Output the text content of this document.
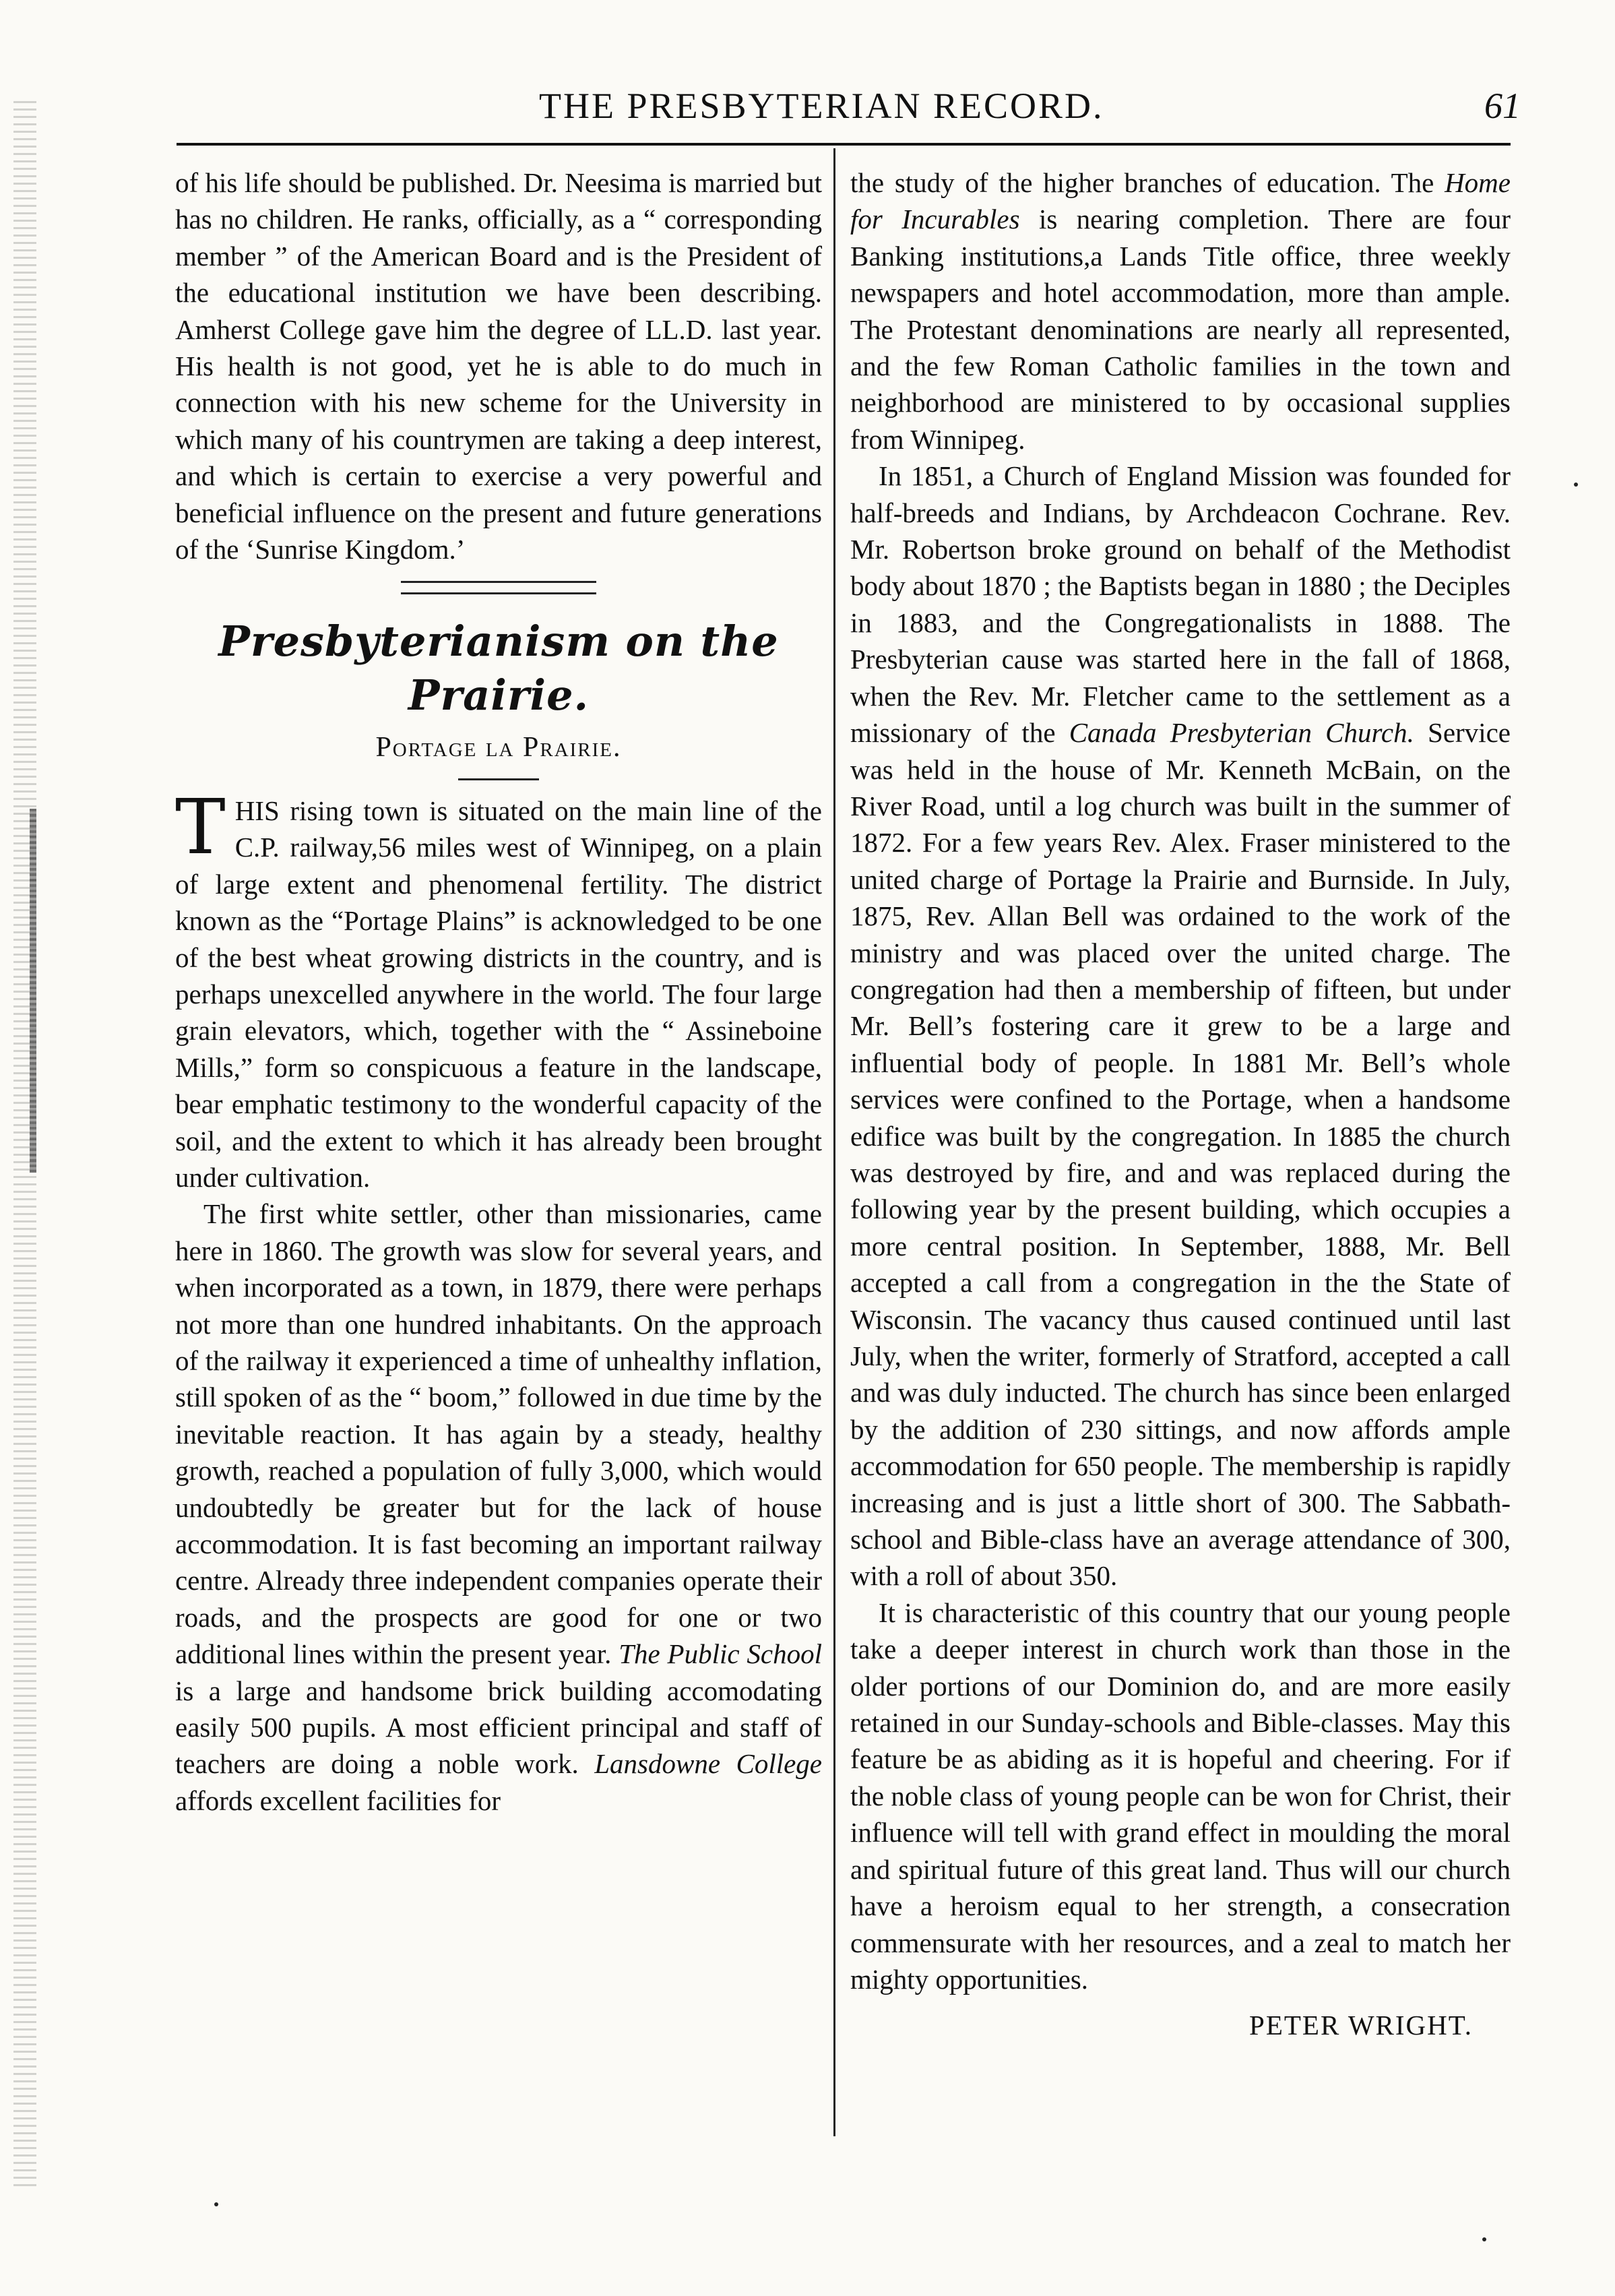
THE PRESBYTERIAN RECORD.	61

of his life should be published. Dr. Neesima is married but has no children. He ranks, officially, as a “ corresponding member ” of the American Board and is the President of the educational institution we have been describing. Amherst College gave him the degree of LL.D. last year. His health is not good, yet he is able to do much in connection with his new scheme for the University in which many of his countrymen are taking a deep interest, and which is certain to exercise a very powerful and beneficial influence on the present and future generations of the ‘Sunrise Kingdom.’

Presbyterianism on the Prairie.
Portage la Prairie.

THIS rising town is situated on the main line of the C.P. railway,56 miles west of Winnipeg, on a plain of large extent and phenomenal fertility. The district known as the “Portage Plains” is acknowledged to be one of the best wheat growing districts in the country, and is perhaps unexcelled anywhere in the world. The four large grain elevators, which, together with the “ Assineboine Mills,” form so conspicuous a feature in the landscape, bear emphatic testimony to the wonderful capacity of the soil, and the extent to which it has already been brought under cultivation.

The first white settler, other than missionaries, came here in 1860. The growth was slow for several years, and when incorporated as a town, in 1879, there were perhaps not more than one hundred inhabitants. On the approach of the railway it experienced a time of unhealthy inflation, still spoken of as the “ boom,” followed in due time by the inevitable reaction. It has again by a steady, healthy growth, reached a population of fully 3,000, which would undoubtedly be greater but for the lack of house accommodation. It is fast becoming an important railway centre. Already three independent companies operate their roads, and the prospects are good for one or two additional lines within the present year. The Public School is a large and handsome brick building accomodating easily 500 pupils. A most efficient principal and staff of teachers are doing a noble work. Lansdowne College affords excellent facilities for

the study of the higher branches of education. The Home for Incurables is nearing completion. There are four Banking institutions,a Lands Title office, three weekly newspapers and hotel accommodation, more than ample. The Protestant denominations are nearly all represented, and the few Roman Catholic families in the town and neighborhood are ministered to by occasional supplies from Winnipeg.

In 1851, a Church of England Mission was founded for half-breeds and Indians, by Archdeacon Cochrane. Rev. Mr. Robertson broke ground on behalf of the Methodist body about 1870 ; the Baptists began in 1880 ; the Deciples in 1883, and the Congregationalists in 1888. The Presbyterian cause was started here in the fall of 1868, when the Rev. Mr. Fletcher came to the settlement as a missionary of the Canada Presbyterian Church. Service was held in the house of Mr. Kenneth McBain, on the River Road, until a log church was built in the summer of 1872. For a few years Rev. Alex. Fraser ministered to the united charge of Portage la Prairie and Burnside. In July, 1875, Rev. Allan Bell was ordained to the work of the ministry and was placed over the united charge. The congregation had then a membership of fifteen, but under Mr. Bell’s fostering care it grew to be a large and influential body of people. In 1881 Mr. Bell’s whole services were confined to the Portage, when a handsome edifice was built by the congregation. In 1885 the church was destroyed by fire, and and was replaced during the following year by the present building, which occupies a more central position. In September, 1888, Mr. Bell accepted a call from a congregation in the the State of Wisconsin. The vacancy thus caused continued until last July, when the writer, formerly of Stratford, accepted a call and was duly inducted. The church has since been enlarged by the addition of 230 sittings, and now affords ample accommodation for 650 people. The membership is rapidly increasing and is just a little short of 300. The Sabbath-school and Bible-class have an average attendance of 300, with a roll of about 350.

It is characteristic of this country that our young people take a deeper interest in church work than those in the older portions of our Dominion do, and are more easily retained in our Sunday-schools and Bible-classes. May this feature be as abiding as it is hopeful and cheering. For if the noble class of young people can be won for Christ, their influence will tell with grand effect in moulding the moral and spiritual future of this great land. Thus will our church have a heroism equal to her strength, a consecration commensurate with her resources, and a zeal to match her mighty opportunities.

PETER WRIGHT.
